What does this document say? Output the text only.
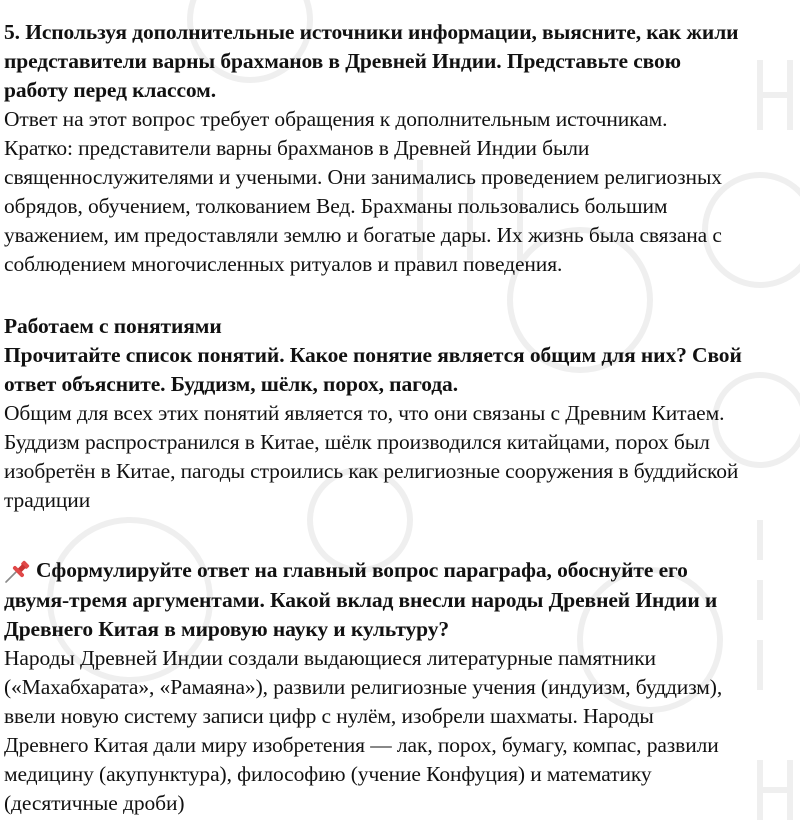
5. Используя дополнительные источники информации, выясните, как жили
представители варны брахманов в Древней Индии. Представьте свою
работу перед классом.
Ответ на этот вопрос требует обращения к дополнительным источникам.
Кратко: представители варны брахманов в Древней Индии были
священнослужителями и учеными. Они занимались проведением религиозных
обрядов, обучением, толкованием Вед. Брахманы пользовались большим
уважением, им предоставляли землю и богатые дары. Их жизнь была связана с
соблюдением многочисленных ритуалов и правил поведения.
Работаем с понятиями
Прочитайте список понятий. Какое понятие является общим для них? Свой
ответ объясните. Буддизм, шёлк, порох, пагода.
Общим для всех этих понятий является то, что они связаны с Древним Китаем.
Буддизм распространился в Китае, шёлк производился китайцами, порох был
изобретён в Китае, пагоды строились как религиозные сооружения в буддийской
традиции
Сформулируйте ответ на главный вопрос параграфа, обоснуйте его
двумя-тремя аргументами. Какой вклад внесли народы Древней Индии и
Древнего Китая в мировую науку и культуру?
Народы Древней Индии создали выдающиеся литературные памятники
(«Махабхарата», «Рамаяна»), развили религиозные учения (индуизм, буддизм),
ввели новую систему записи цифр с нулём, изобрели шахматы. Народы
Древнего Китая дали миру изобретения — лак, порох, бумагу, компас, развили
медицину (акупунктура), философию (учение Конфуция) и математику
(десятичные дроби)
